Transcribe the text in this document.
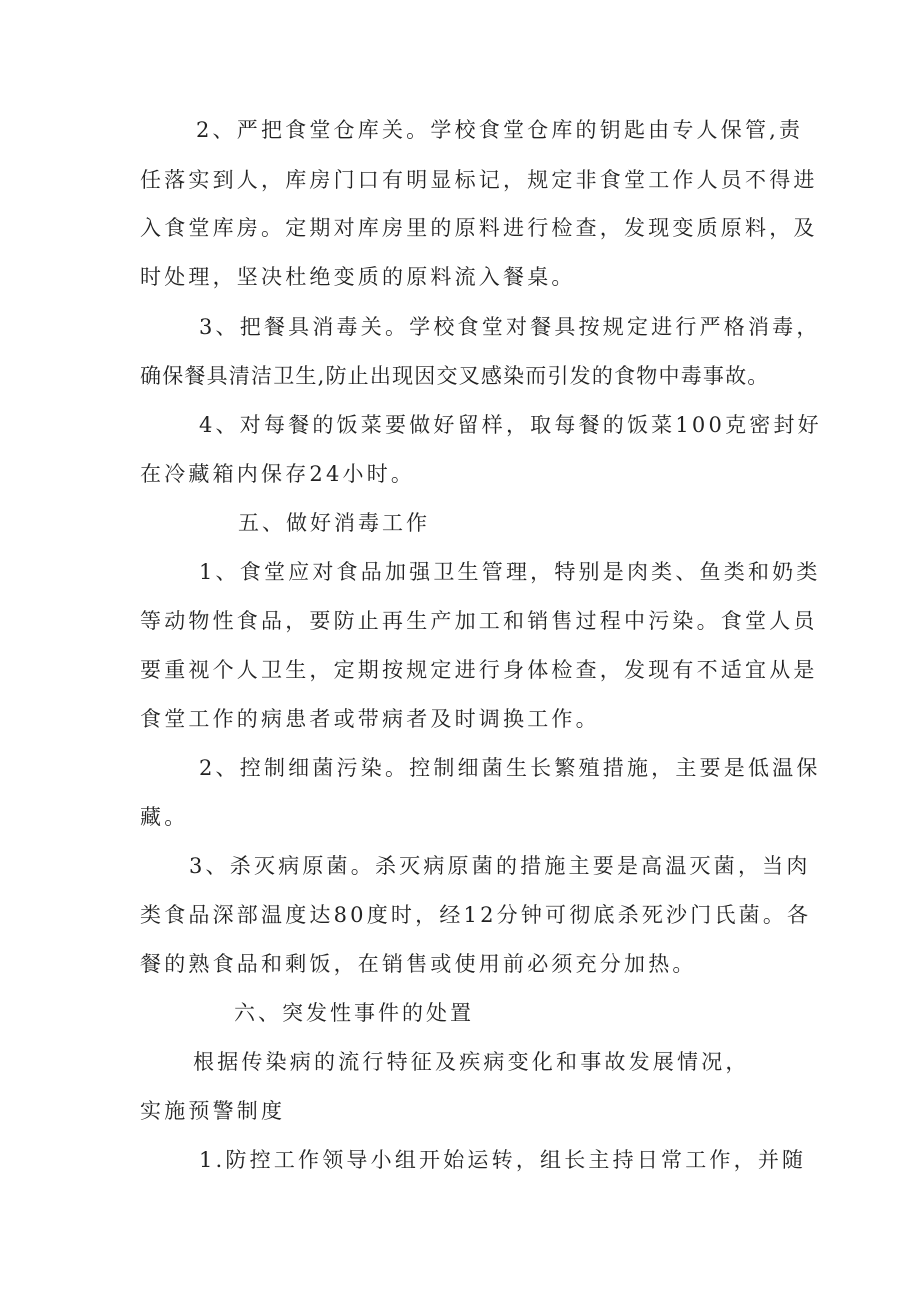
2、严把食堂仓库关。学校食堂仓库的钥匙由专人保管,责
任落实到人，库房门口有明显标记，规定非食堂工作人员不得进
入食堂库房。定期对库房里的原料进行检查，发现变质原料，及
时处理，坚决杜绝变质的原料流入餐桌。
3、把餐具消毒关。学校食堂对餐具按规定进行严格消毒，
确保餐具清洁卫生,防止出现因交叉感染而引发的食物中毒事故。
4、对每餐的饭菜要做好留样，取每餐的饭菜100克密封好
在冷藏箱内保存24小时。
五、做好消毒工作
1、食堂应对食品加强卫生管理，特别是肉类、鱼类和奶类
等动物性食品，要防止再生产加工和销售过程中污染。食堂人员
要重视个人卫生，定期按规定进行身体检查，发现有不适宜从是
食堂工作的病患者或带病者及时调换工作。
2、控制细菌污染。控制细菌生长繁殖措施，主要是低温保
藏。
3、杀灭病原菌。杀灭病原菌的措施主要是高温灭菌，当肉
类食品深部温度达80度时，经12分钟可彻底杀死沙门氏菌。各
餐的熟食品和剩饭，在销售或使用前必须充分加热。
六、突发性事件的处置
根据传染病的流行特征及疾病变化和事故发展情况，
实施预警制度
1.防控工作领导小组开始运转，组长主持日常工作，并随
